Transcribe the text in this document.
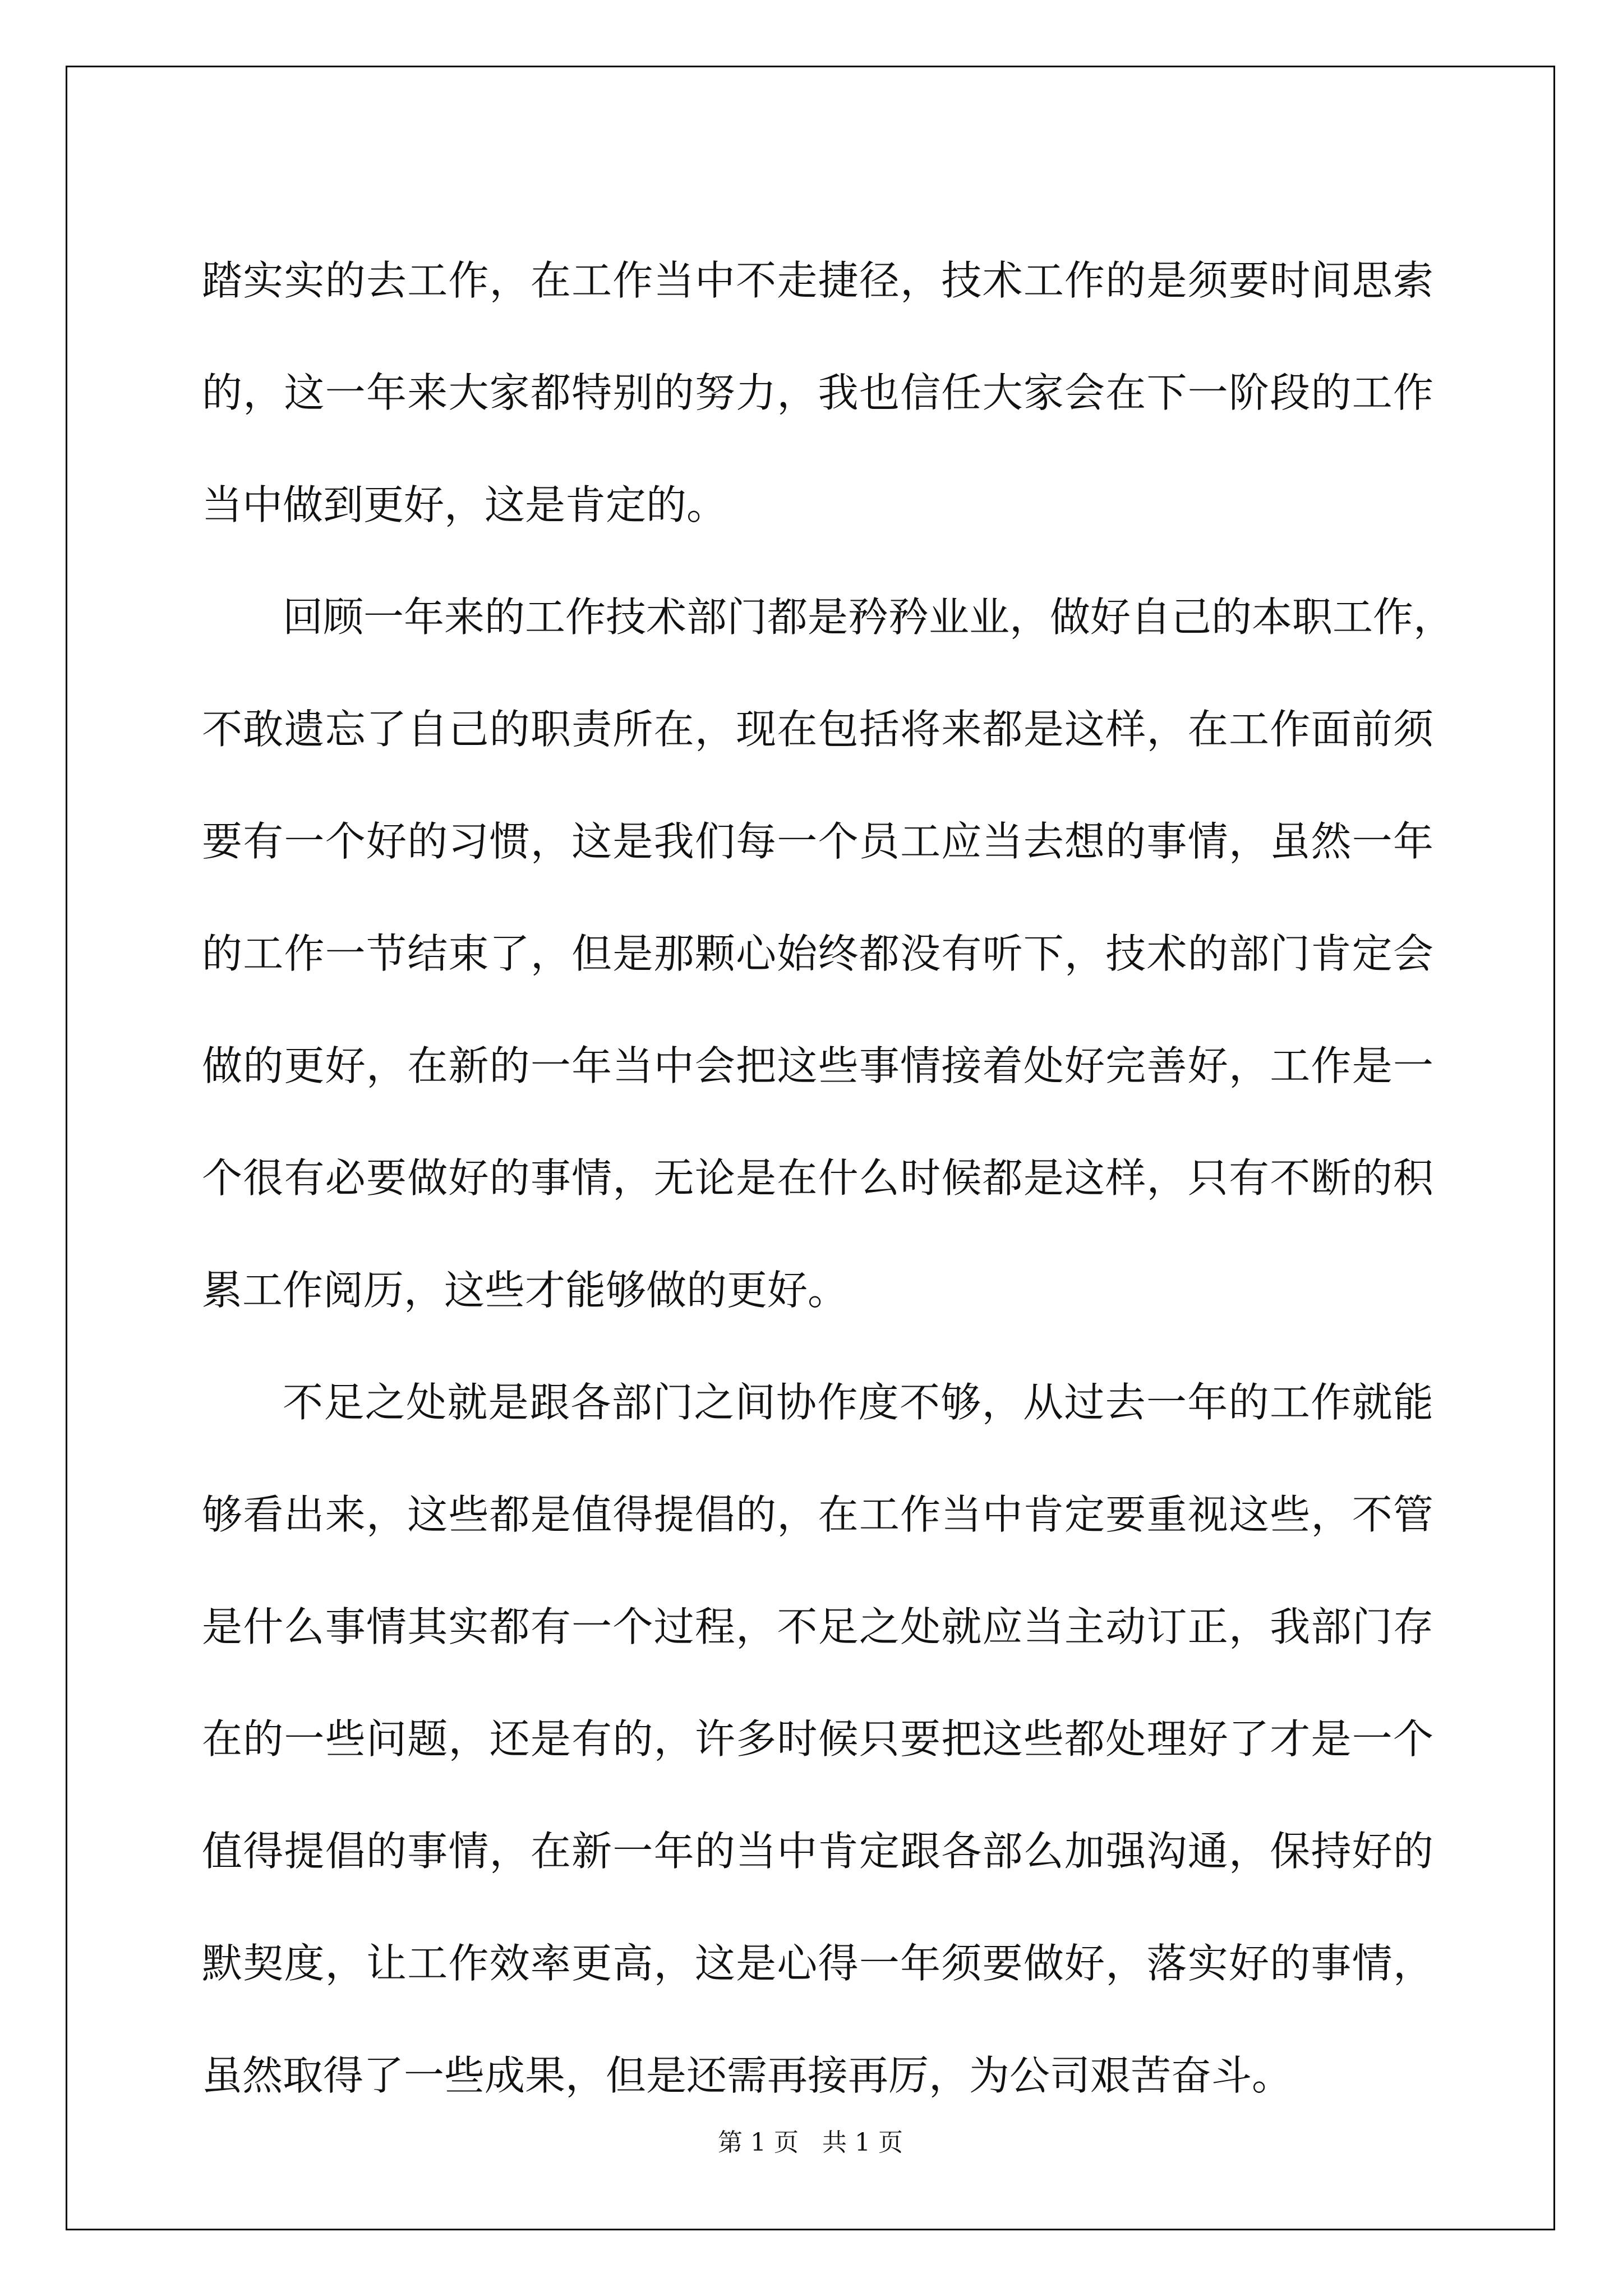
踏实实的去工作，在工作当中不走捷径，技术工作的是须要时间思索
的，这一年来大家都特别的努力，我也信任大家会在下一阶段的工作
当中做到更好，这是肯定的。
回顾一年来的工作技术部门都是矜矜业业，做好自己的本职工作，
不敢遗忘了自己的职责所在，现在包括将来都是这样，在工作面前须
要有一个好的习惯，这是我们每一个员工应当去想的事情，虽然一年
的工作一节结束了，但是那颗心始终都没有听下，技术的部门肯定会
做的更好，在新的一年当中会把这些事情接着处好完善好，工作是一
个很有必要做好的事情，无论是在什么时候都是这样，只有不断的积
累工作阅历，这些才能够做的更好。
不足之处就是跟各部门之间协作度不够，从过去一年的工作就能
够看出来，这些都是值得提倡的，在工作当中肯定要重视这些，不管
是什么事情其实都有一个过程，不足之处就应当主动订正，我部门存
在的一些问题，还是有的，许多时候只要把这些都处理好了才是一个
值得提倡的事情，在新一年的当中肯定跟各部么加强沟通，保持好的
默契度，让工作效率更高，这是心得一年须要做好，落实好的事情，
虽然取得了一些成果，但是还需再接再厉，为公司艰苦奋斗。
第 1 页 共 1 页
